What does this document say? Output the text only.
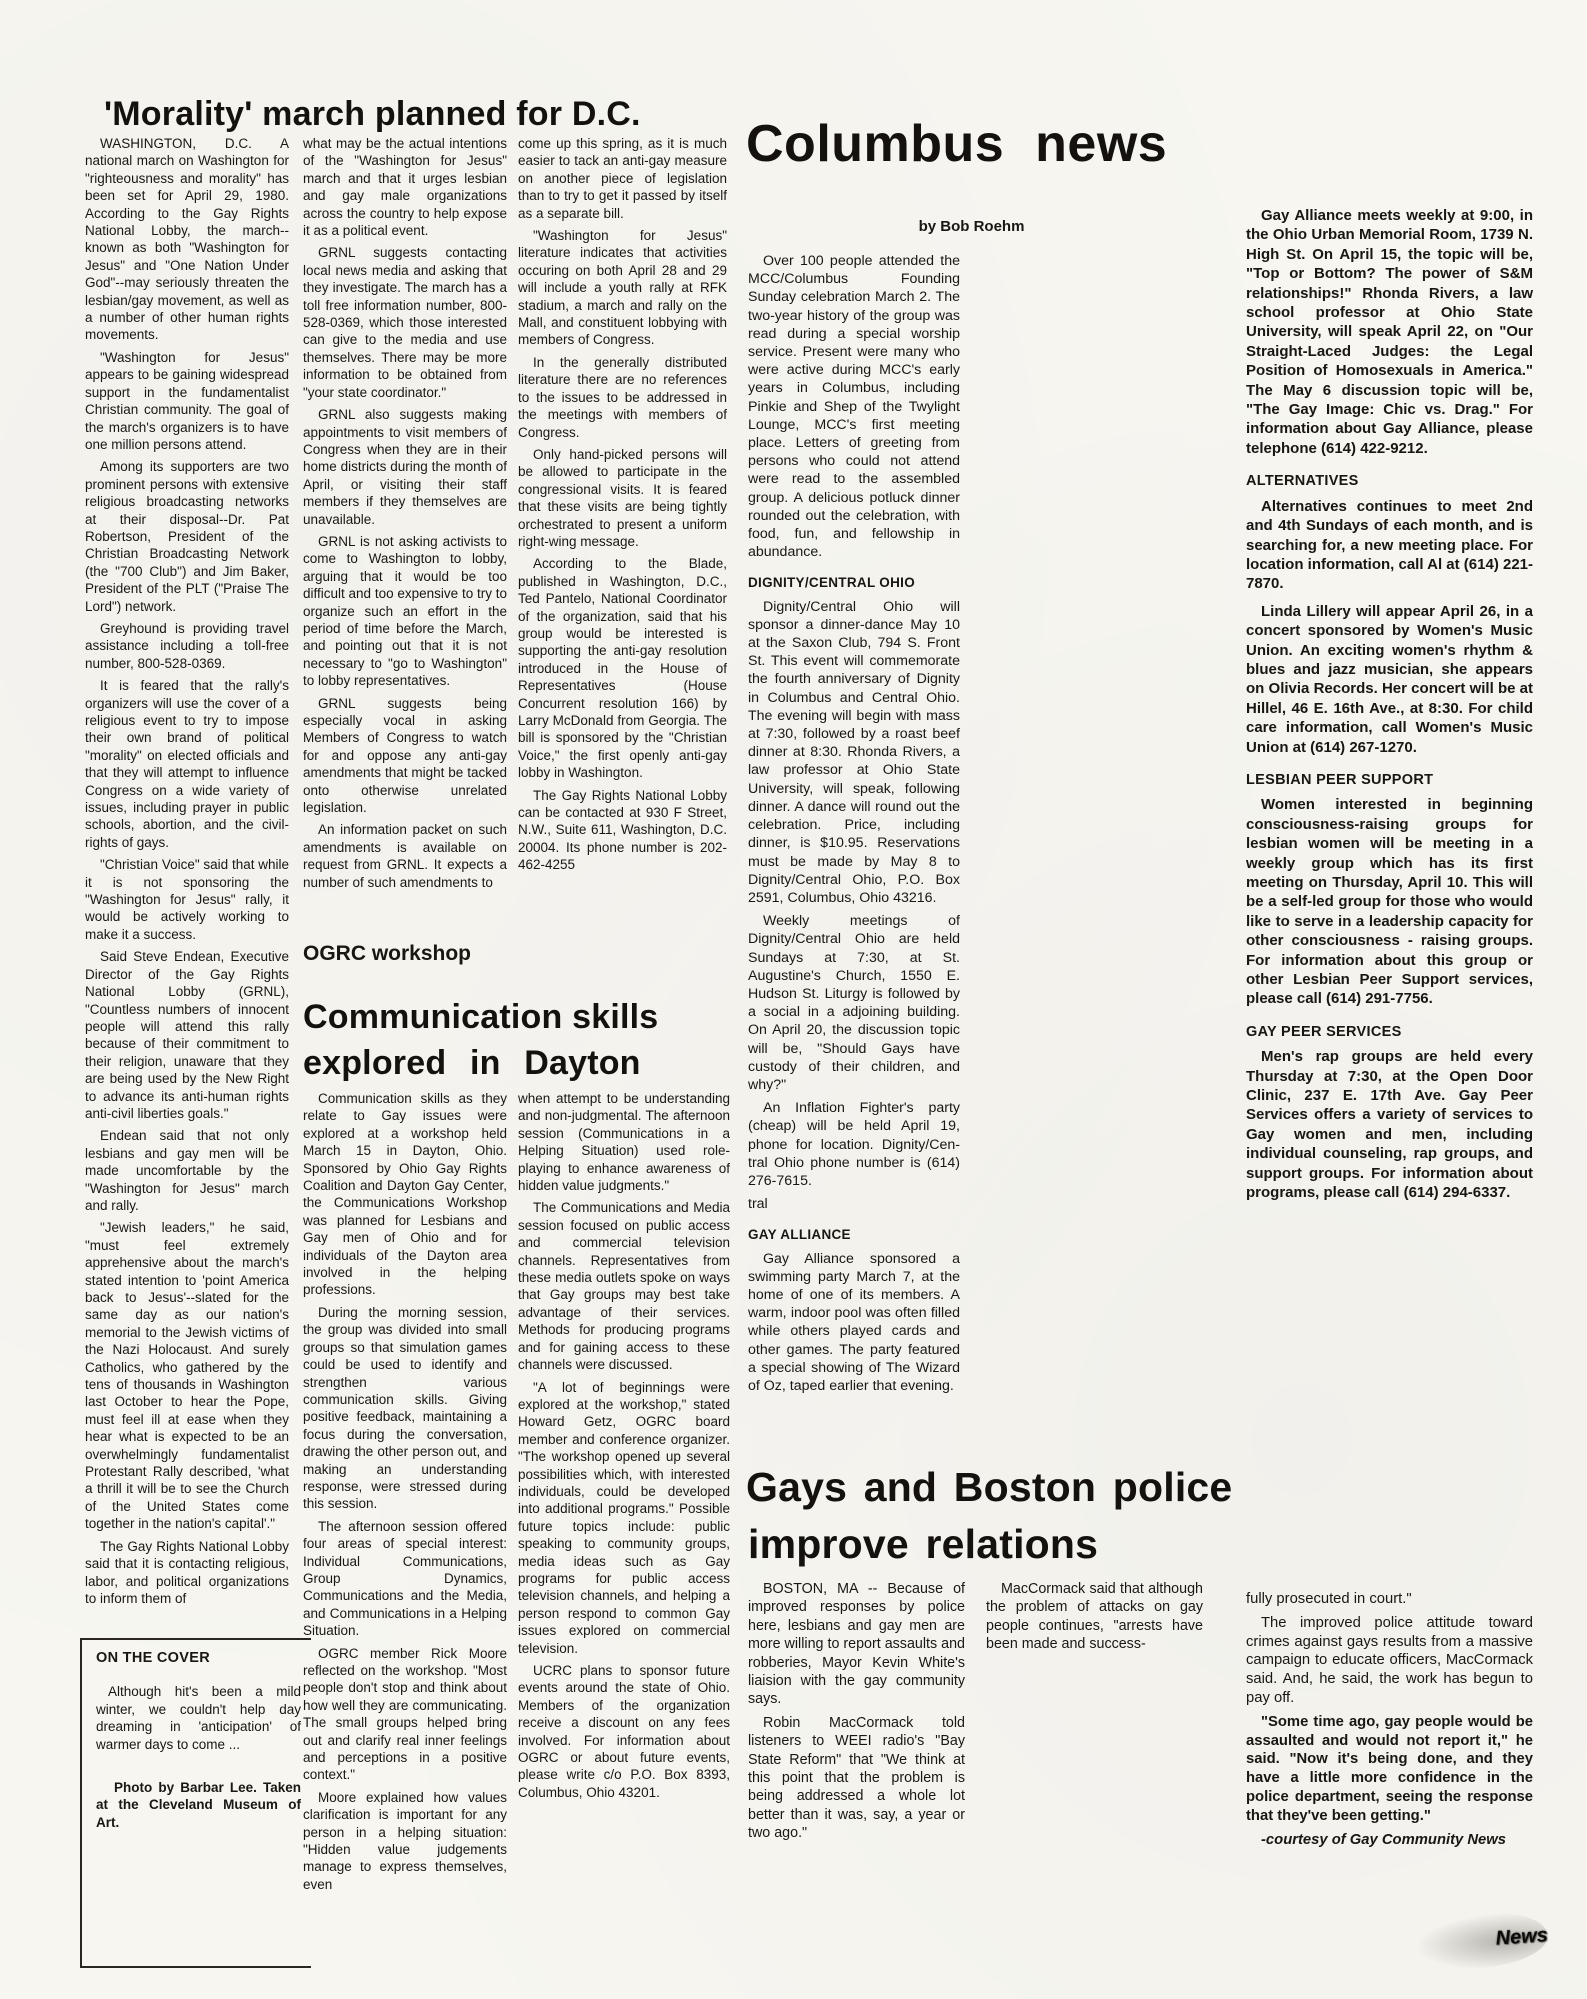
'Morality' march planned for D.C.

WASHINGTON, D.C. A national march on Washington for "righteousness and morality" has been set for April 29, 1980. According to the Gay Rights National Lobby, the march--known as both "Washington for Jesus" and "One Nation Under God"--may seriously threaten the lesbian/gay movement, as well as a number of other human rights movements.

"Washington for Jesus" appears to be gaining widespread support in the fundamentalist Christian community. The goal of the march's organizers is to have one million persons attend.

Among its supporters are two prominent persons with extensive religious broadcasting networks at their disposal--Dr. Pat Robertson, President of the Christian Broadcasting Network (the "700 Club") and Jim Baker, President of the PLT ("Praise The Lord") network.

Greyhound is providing travel assistance including a toll-free number, 800-528-0369.

It is feared that the rally's organizers will use the cover of a religious event to try to impose their own brand of political "morality" on elected officials and that they will attempt to influence Congress on a wide variety of issues, including prayer in public schools, abortion, and the civil-rights of gays.

"Christian Voice" said that while it is not sponsoring the "Washington for Jesus" rally, it would be actively working to make it a success.

Said Steve Endean, Executive Director of the Gay Rights National Lobby (GRNL), "Countless numbers of innocent people will attend this rally because of their commitment to their religion, unaware that they are being used by the New Right to advance its anti-human rights anti-civil liberties goals."

Endean said that not only lesbians and gay men will be made uncomfortable by the "Washington for Jesus" march and rally.

"Jewish leaders," he said, "must feel extremely apprehensive about the march's stated intention to 'point America back to Jesus'--slated for the same day as our nation's memorial to the Jewish victims of the Nazi Holocaust. And surely Catholics, who gathered by the tens of thousands in Washington last October to hear the Pope, must feel ill at ease when they hear what is expected to be an overwhelmingly fundamentalist Protestant Rally described, 'what a thrill it will be to see the Church of the United States come together in the nation's capital'."

The Gay Rights National Lobby said that it is contacting religious, labor, and political organizations to inform them of

what may be the actual intentions of the "Washington for Jesus" march and that it urges lesbian and gay male organizations across the country to help expose it as a political event.

GRNL suggests contacting local news media and asking that they investigate. The march has a toll free information number, 800-528-0369, which those interested can give to the media and use themselves. There may be more information to be obtained from "your state coordinator."

GRNL also suggests making appointments to visit members of Congress when they are in their home districts during the month of April, or visiting their staff members if they themselves are unavailable.

GRNL is not asking activists to come to Washington to lobby, arguing that it would be too difficult and too expensive to try to organize such an effort in the period of time before the March, and pointing out that it is not necessary to "go to Washington" to lobby representatives.

GRNL suggests being especially vocal in asking Members of Congress to watch for and oppose any anti-gay amendments that might be tacked onto otherwise unrelated legislation.

An information packet on such amendments is available on request from GRNL. It expects a number of such amendments to

come up this spring, as it is much easier to tack an anti-gay measure on another piece of legislation than to try to get it passed by itself as a separate bill.

"Washington for Jesus" literature indicates that activities occuring on both April 28 and 29 will include a youth rally at RFK stadium, a march and rally on the Mall, and constituent lobbying with members of Congress.

In the generally distributed literature there are no references to the issues to be addressed in the meetings with members of Congress.

Only hand-picked persons will be allowed to participate in the congressional visits. It is feared that these visits are being tightly orchestrated to present a uniform right-wing message.

According to the Blade, published in Washington, D.C., Ted Pantelo, National Coordinator of the organization, said that his group would be interested is supporting the anti-gay resolution introduced in the House of Representatives (House Concurrent resolution 166) by Larry McDonald from Georgia. The bill is sponsored by the "Christian Voice," the first openly anti-gay lobby in Washington.

The Gay Rights National Lobby can be contacted at 930 F Street, N.W., Suite 611, Washington, D.C. 20004. Its phone number is 202-462-4255

Columbus news
by Bob Roehm

Over 100 people attended the MCC/Columbus Founding Sunday celebration March 2. The two-year history of the group was read during a special worship service. Present were many who were active during MCC's early years in Columbus, including Pinkie and Shep of the Twylight Lounge, MCC's first meeting place. Letters of greeting from persons who could not attend were read to the assembled group. A delicious potluck dinner rounded out the celebration, with food, fun, and fellowship in abundance.

DIGNITY/CENTRAL OHIO

Dignity/Central Ohio will sponsor a dinner-dance May 10 at the Saxon Club, 794 S. Front St. This event will commemorate the fourth anniversary of Dignity in Columbus and Central Ohio. The evening will begin with mass at 7:30, followed by a roast beef dinner at 8:30. Rhonda Rivers, a law professor at Ohio State University, will speak, following dinner. A dance will round out the celebration. Price, including dinner, is $10.95. Reservations must be made by May 8 to Dignity/Central Ohio, P.O. Box 2591, Columbus, Ohio 43216.

Weekly meetings of Dignity/Central Ohio are held Sundays at 7:30, at St. Augustine's Church, 1550 E. Hudson St. Liturgy is followed by a social in a adjoining building. On April 20, the discussion topic will be, "Should Gays have custody of their children, and why?"

An Inflation Fighter's party (cheap) will be held April 19, phone for location. Dignity/Cen-tral Ohio phone number is (614) 276-7615.

tral

GAY ALLIANCE

Gay Alliance sponsored a swimming party March 7, at the home of one of its members. A warm, indoor pool was often filled while others played cards and other games. The party featured a special showing of The Wizard of Oz, taped earlier that evening.

Gay Alliance meets weekly at 9:00, in the Ohio Urban Memorial Room, 1739 N. High St. On April 15, the topic will be, "Top or Bottom? The power of S&M relationships!" Rhonda Rivers, a law school professor at Ohio State University, will speak April 22, on "Our Straight-Laced Judges: the Legal Position of Homosexuals in America." The May 6 discussion topic will be, "The Gay Image: Chic vs. Drag." For information about Gay Alliance, please telephone (614) 422-9212.

ALTERNATIVES

Alternatives continues to meet 2nd and 4th Sundays of each month, and is searching for, a new meeting place. For location information, call Al at (614) 221-7870.

Linda Lillery will appear April 26, in a concert sponsored by Women's Music Union. An exciting women's rhythm & blues and jazz musician, she appears on Olivia Records. Her concert will be at Hillel, 46 E. 16th Ave., at 8:30. For child care information, call Women's Music Union at (614) 267-1270.

LESBIAN PEER SUPPORT

Women interested in beginning consciousness-raising groups for lesbian women will be meeting in a weekly group which has its first meeting on Thursday, April 10. This will be a self-led group for those who would like to serve in a leadership capacity for other consciousness - raising groups. For information about this group or other Lesbian Peer Support services, please call (614) 291-7756.

GAY PEER SERVICES

Men's rap groups are held every Thursday at 7:30, at the Open Door Clinic, 237 E. 17th Ave. Gay Peer Services offers a variety of services to Gay women and men, including individual counseling, rap groups, and support groups. For information about programs, please call (614) 294-6337.

OGRC workshop
Communication skills
explored in Dayton

Communication skills as they relate to Gay issues were explored at a workshop held March 15 in Dayton, Ohio. Sponsored by Ohio Gay Rights Coalition and Dayton Gay Center, the Communications Workshop was planned for Lesbians and Gay men of Ohio and for individuals of the Dayton area involved in the helping professions.

During the morning session, the group was divided into small groups so that simulation games could be used to identify and strengthen various communication skills. Giving positive feedback, maintaining a focus during the conversation, drawing the other person out, and making an understanding response, were stressed during this session.

The afternoon session offered four areas of special interest: Individual Communications, Group Dynamics, Communications and the Media, and Communications in a Helping Situation.

OGRC member Rick Moore reflected on the workshop. "Most people don't stop and think about how well they are communicating. The small groups helped bring out and clarify real inner feelings and perceptions in a positive context."

Moore explained how values clarification is important for any person in a helping situation: "Hidden value judgements manage to express themselves, even

when attempt to be understanding and non-judgmental. The afternoon session (Communications in a Helping Situation) used role-playing to enhance awareness of hidden value judgments."

The Communications and Media session focused on public access and commercial television channels. Representatives from these media outlets spoke on ways that Gay groups may best take advantage of their services. Methods for producing programs and for gaining access to these channels were discussed.

"A lot of beginnings were explored at the workshop," stated Howard Getz, OGRC board member and conference organizer. "The workshop opened up several possibilities which, with interested individuals, could be developed into additional programs." Possible future topics include: public speaking to community groups, media ideas such as Gay programs for public access television channels, and helping a person respond to common Gay issues explored on commercial television.

UCRC plans to sponsor future events around the state of Ohio. Members of the organization receive a discount on any fees involved. For information about OGRC or about future events, please write c/o P.O. Box 8393, Columbus, Ohio 43201.

Gays and Boston police
improve relations

BOSTON, MA -- Because of improved responses by police here, lesbians and gay men are more willing to report assaults and robberies, Mayor Kevin White's liaision with the gay community says.

Robin MacCormack told listeners to WEEI radio's "Bay State Reform" that "We think at this point that the problem is being addressed a whole lot better than it was, say, a year or two ago."

MacCormack said that although the problem of attacks on gay people continues, "arrests have been made and success-

fully prosecuted in court."

The improved police attitude toward crimes against gays results from a massive campaign to educate officers, MacCormack said. And, he said, the work has begun to pay off.

"Some time ago, gay people would be assaulted and would not report it," he said. "Now it's being done, and they have a little more confidence in the police department, seeing the response that they've been getting."

-courtesy of Gay Community News

ON THE COVER

Although hit's been a mild winter, we couldn't help day dreaming in 'anticipation' of warmer days to come ...

Photo by Barbar Lee. Taken at the Cleveland Museum of Art.

News
